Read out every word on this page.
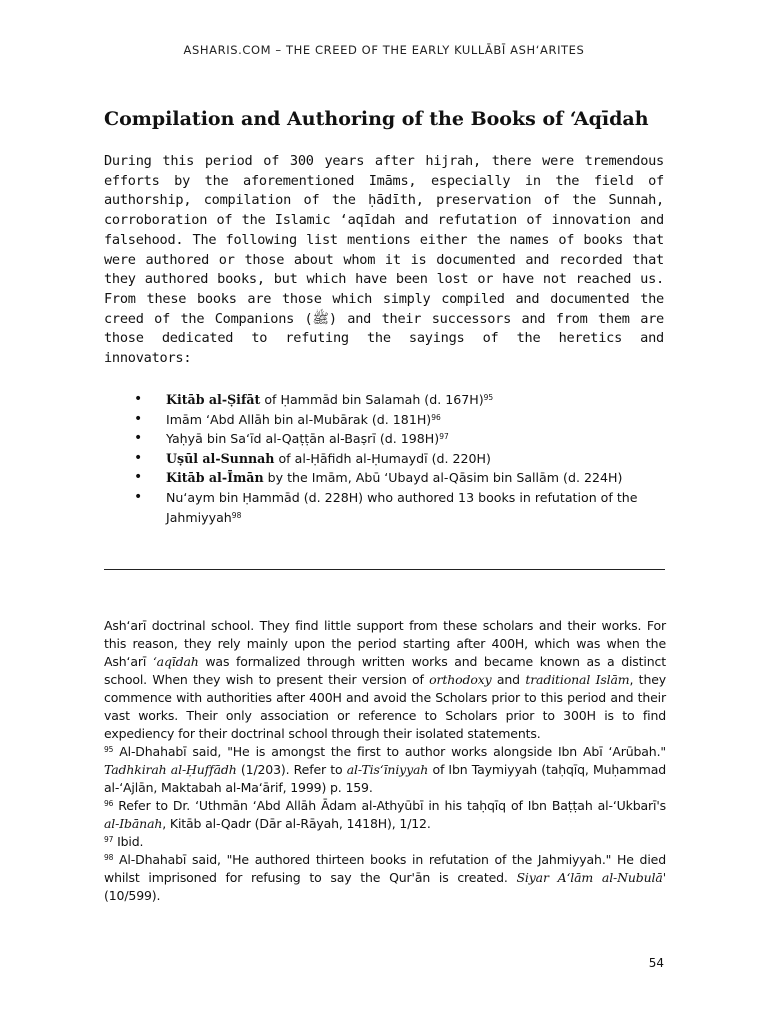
ASHARIS.COM – THE CREED OF THE EARLY KULLĀBĪ ASH‘ARITES
Compilation and Authoring of the Books of ‘Aqīdah

During this period of 300 years after hijrah, there were tremendous efforts by the aforementioned Imāms, especially in the field of authorship, compilation of the ḥādīth, preservation of the Sunnah, corroboration of the Islamic ‘aqīdah and refutation of innovation and falsehood. The following list mentions either the names of books that were authored or those about whom it is documented and recorded that they authored books, but which have been lost or have not reached us. From these books are those which simply compiled and documented the creed of the Companions (ﷺ) and their successors and from them are those dedicated to refuting the sayings of the heretics and innovators:

• Kitāb al-Ṣifāt of Ḥammād bin Salamah (d. 167H)$^{95}$
• Imām ‘Abd Allāh bin al-Mubārak (d. 181H)$^{96}$
• Yaḥyā bin Sa‘īd al-Qaṭṭān al-Baṣrī (d. 198H)$^{97}$
• Uṣūl al-Sunnah of al-Ḥāfidh al-Ḥumaydī (d. 220H)
• Kitāb al-Īmān by the Imām, Abū ‘Ubayd al-Qāsim bin Sallām (d. 224H)
• Nu‘aym bin Ḥammād (d. 228H) who authored 13 books in refutation of the Jahmiyyah$^{98}$

Ash‘arī doctrinal school. They find little support from these scholars and their works. For this reason, they rely mainly upon the period starting after 400H, which was when the Ash‘arī ‘aqīdah was formalized through written works and became known as a distinct school. When they wish to present their version of orthodoxy and traditional Islām, they commence with authorities after 400H and avoid the Scholars prior to this period and their vast works. Their only association or reference to Scholars prior to 300H is to find expediency for their doctrinal school through their isolated statements.

$^{95}$ Al-Dhahabī said, "He is amongst the first to author works alongside Ibn Abī ‘Arūbah." Tadhkirah al-Ḥuffādh (1/203). Refer to al-Tis‘īniyyah of Ibn Taymiyyah (taḥqīq, Muḥammad al-‘Ajlān, Maktabah al-Ma‘ārif, 1999) p. 159.

$^{96}$ Refer to Dr. ‘Uthmān ‘Abd Allāh Ādam al-Athyūbī in his taḥqīq of Ibn Baṭṭah al-‘Ukbarī's al-Ibānah, Kitāb al-Qadr (Dār al-Rāyah, 1418H), 1/12.

$^{97}$ Ibid.

$^{98}$ Al-Dhahabī said, "He authored thirteen books in refutation of the Jahmiyyah." He died whilst imprisoned for refusing to say the Qur'ān is created. Siyar A‘lām al-Nubulā' (10/599).

54
